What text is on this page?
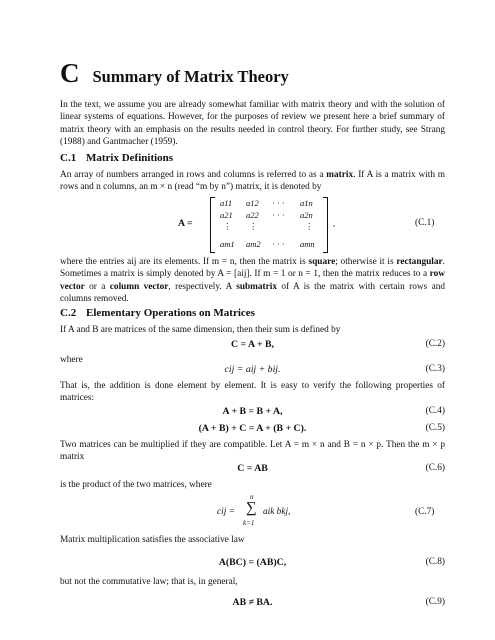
C Summary of Matrix Theory

In the text, we assume you are already somewhat familiar with matrix theory and with the solution of linear systems of equations. However, for the purposes of review we present here a brief summary of matrix theory with an emphasis on the results needed in control theory. For further study, see Strang (1988) and Gantmacher (1959).

C.1 Matrix Definitions

An array of numbers arranged in rows and columns is referred to as a matrix. If A is a matrix with m rows and n columns, an m × n (read “m by n”) matrix, it is denoted by

A =
a11 a12 · · · a1n
a21 a22 · · · a2n
⋮ ⋮	⋮
am1 am2 · · · amn
,	(C.1)

where the entries aij are its elements. If m = n, then the matrix is square; otherwise it is rectangular. Sometimes a matrix is simply denoted by A = [aij]. If m = 1 or n = 1, then the matrix reduces to a row vector or a column vector, respectively. A submatrix of A is the matrix with certain rows and columns removed.

C.2 Elementary Operations on Matrices

If A and B are matrices of the same dimension, then their sum is defined by

C = A + B,	(C.2)

where

cij = aij + bij.	(C.3)

That is, the addition is done element by element. It is easy to verify the following properties of matrices:

A + B = B + A,	(C.4)
(A + B) + C = A + (B + C).	(C.5)

Two matrices can be multiplied if they are compatible. Let A = m × n and B = n × p. Then the m × p matrix

C = AB	(C.6)

is the product of the two matrices, where

cij =
n
∑
k=1
aik bkj,	(C.7)

Matrix multiplication satisfies the associative law

A(BC) = (AB)C,	(C.8)

but not the commutative law; that is, in general,

AB ≠ BA.	(C.9)
